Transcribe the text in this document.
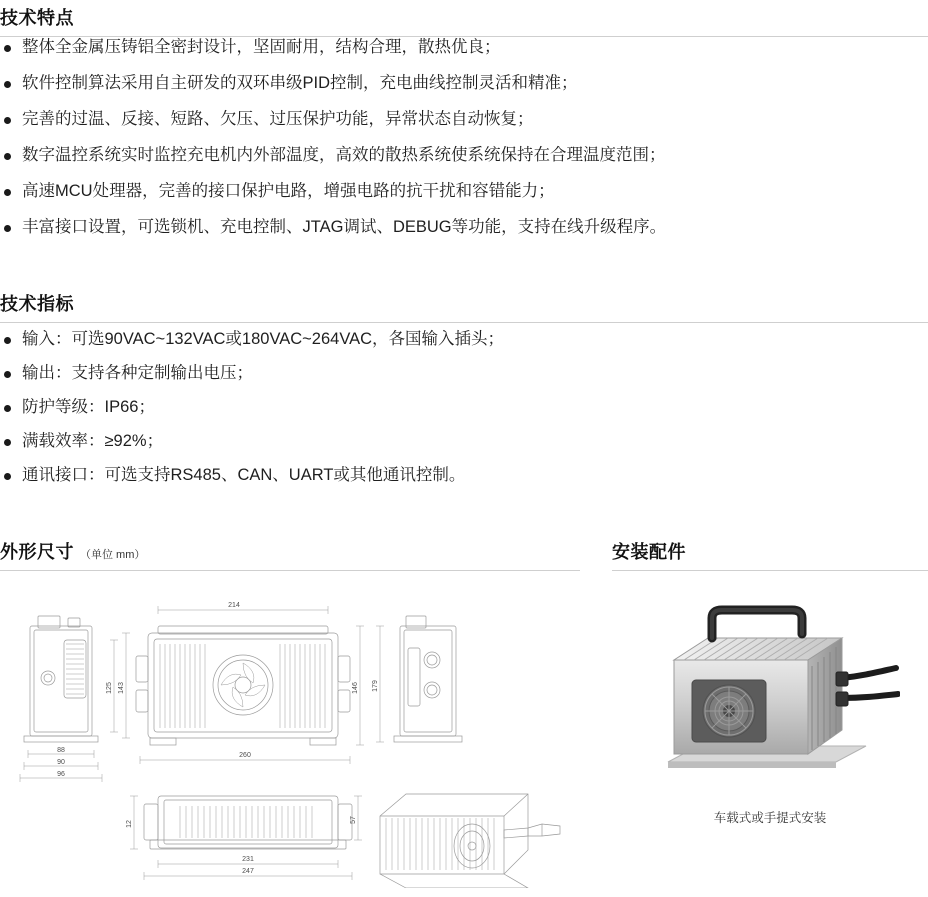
技术特点
整体全金属压铸铝全密封设计，坚固耐用，结构合理，散热优良；
软件控制算法采用自主研发的双环串级PID控制，充电曲线控制灵活和精准；
完善的过温、反接、短路、欠压、过压保护功能，异常状态自动恢复；
数字温控系统实时监控充电机内外部温度，高效的散热系统使系统保持在合理温度范围；
高速MCU处理器，完善的接口保护电路，增强电路的抗干扰和容错能力；
丰富接口设置，可选锁机、充电控制、JTAG调试、DEBUG等功能，支持在线升级程序。
技术指标
输入：可选90VAC~132VAC或180VAC~264VAC，各国输入插头；
输出：支持各种定制输出电压；
防护等级：IP66；
满载效率：≥92%；
通讯接口：可选支持RS485、CAN、UART或其他通讯控制。
外形尺寸 （单位 mm）	安装配件
214
143
125	146 179
260
88
90
96
12
57
231
247
车载式或手提式安装
